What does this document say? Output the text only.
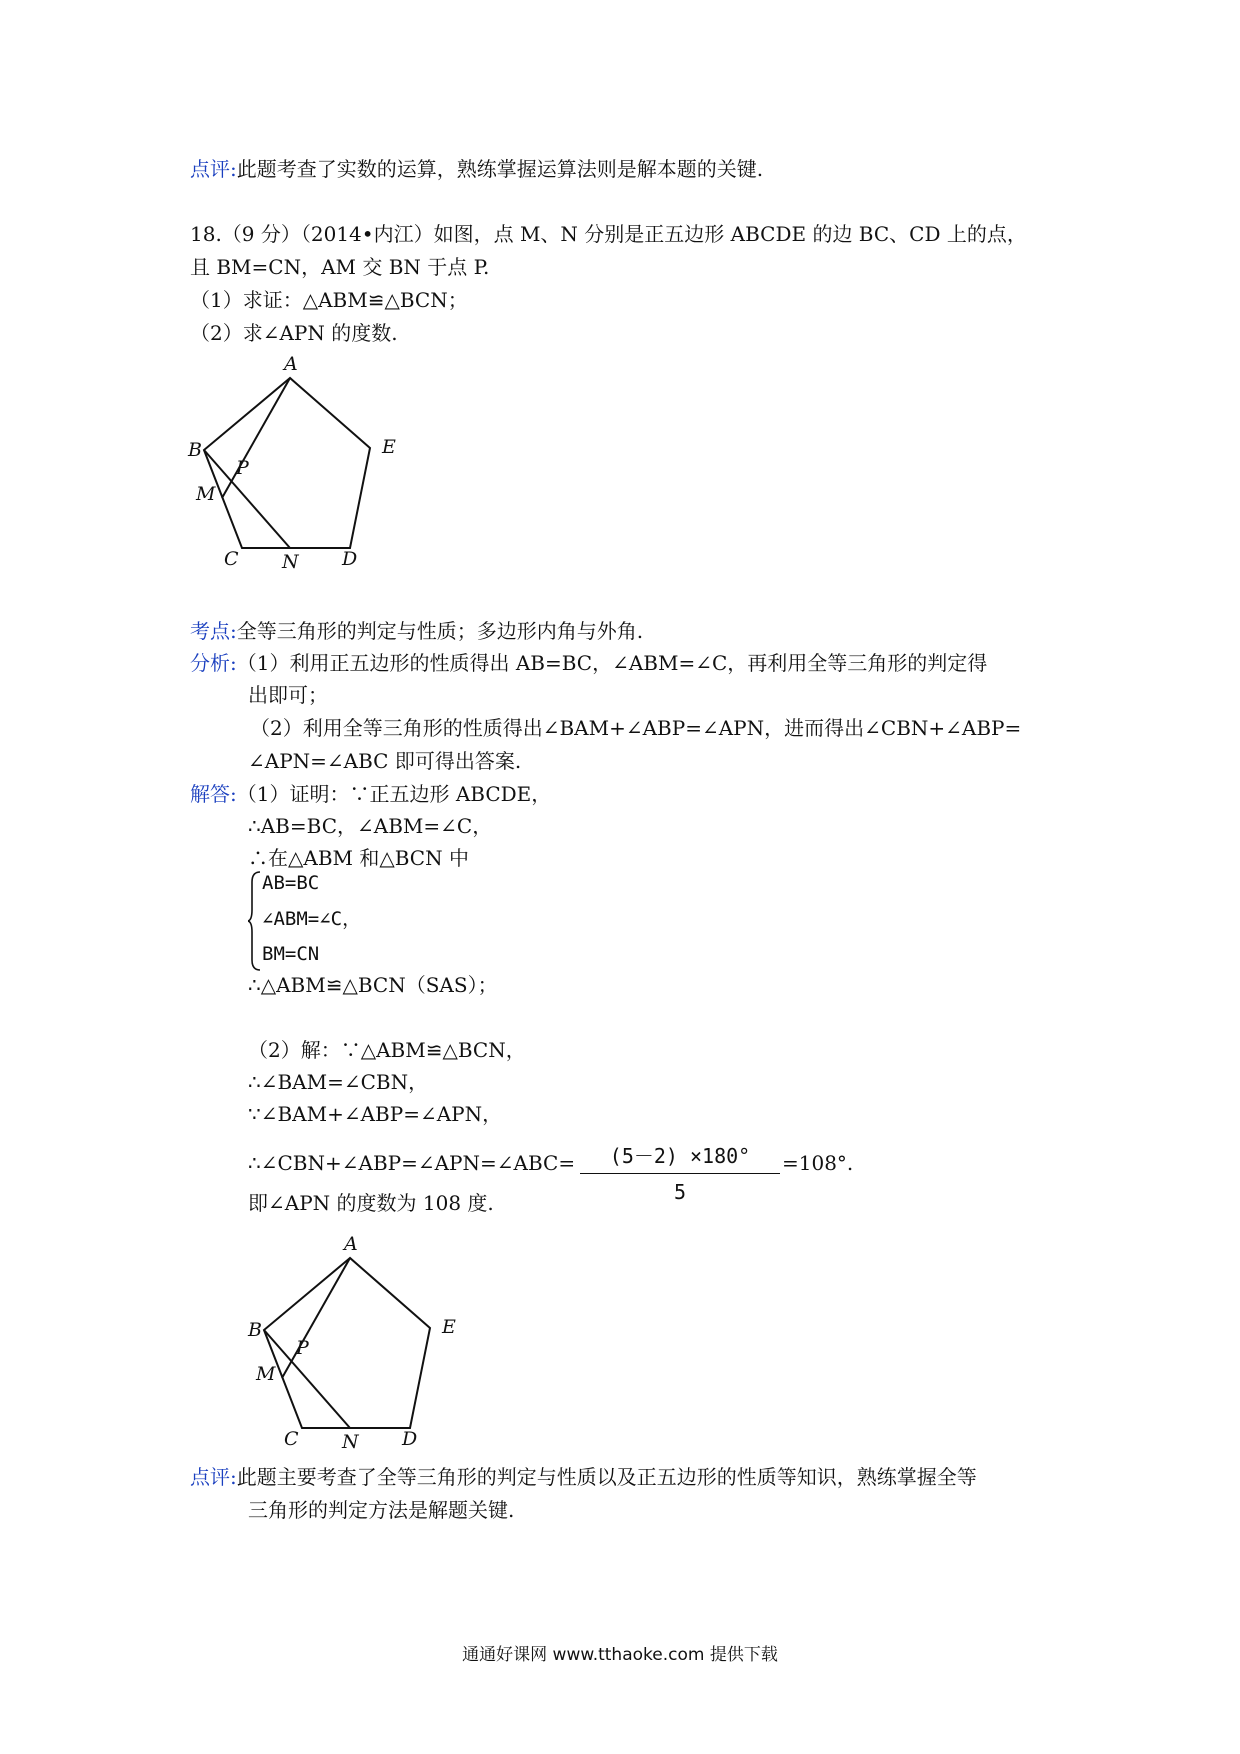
点评:此题考查了实数的运算，熟练掌握运算法则是解本题的关键.
18.（9 分）（2014•内江）如图，点 M、N 分别是正五边形 ABCDE 的边 BC、CD 上的点，
且 BM=CN，AM 交 BN 于点 P.
（1）求证：△ABM≌△BCN；
（2）求∠APN 的度数.
A
B
C	D
E
M
N
P
考点:全等三角形的判定与性质；多边形内角与外角.
分析:（1）利用正五边形的性质得出 AB=BC，∠ABM=∠C，再利用全等三角形的判定得
出即可；
（2）利用全等三角形的性质得出∠BAM+∠ABP=∠APN，进而得出∠CBN+∠ABP=
∠APN=∠ABC 即可得出答案.
解答:（1）证明：∵正五边形 ABCDE，
∴AB=BC，∠ABM=∠C，
∴在△ABM 和△BCN 中
AB=BC
∠ABM=∠C，
BM=CN
∴△ABM≌△BCN（SAS）；
（2）解：∵△ABM≌△BCN，
∴∠BAM=∠CBN，
∵∠BAM+∠ABP=∠APN，
∴∠CBN+∠ABP=∠APN=∠ABC=	(5－2) ×180°
5
=108°.
即∠APN 的度数为 108 度.
A
B
C	D
E
M
N
P
点评:此题主要考查了全等三角形的判定与性质以及正五边形的性质等知识，熟练掌握全等
三角形的判定方法是解题关键.
通通好课网 www.tthaoke.com 提供下载
